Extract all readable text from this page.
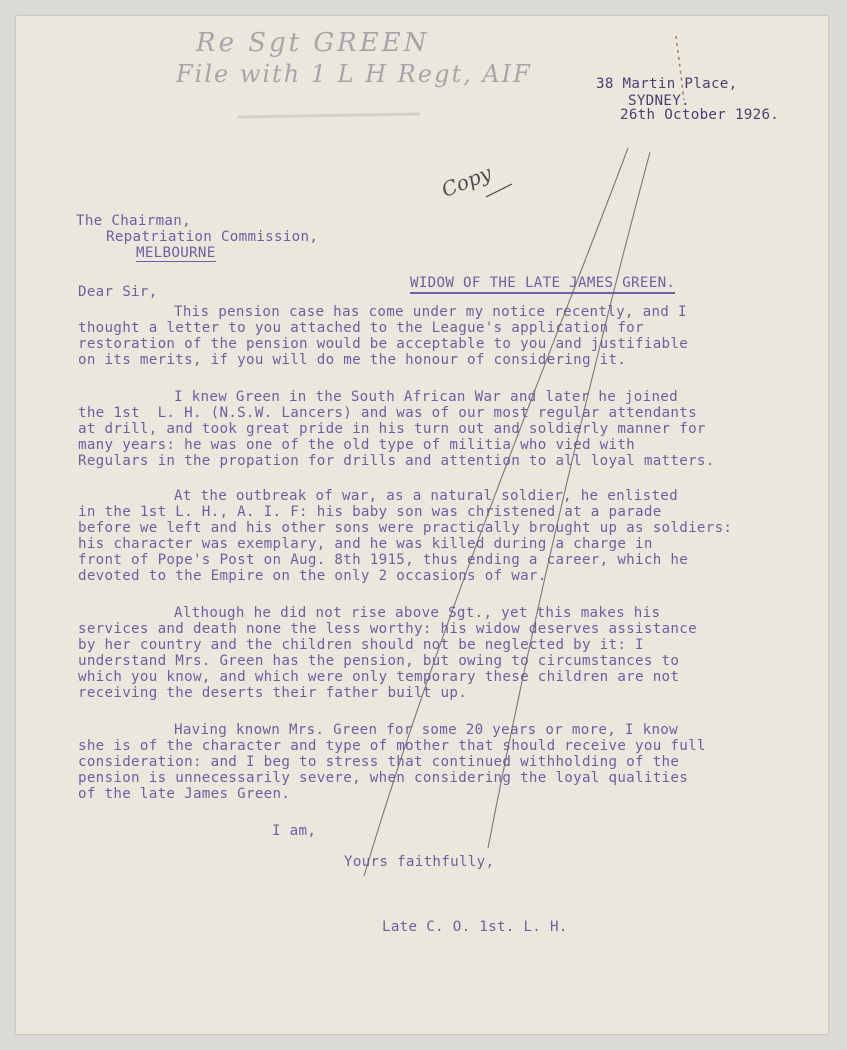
Re Sgt GREEN
File with 1 L H Regt, AIF
Copy
38 Martin Place,
SYDNEY.
26th October 1926.
The Chairman,
Repatriation Commission,
MELBOURNE
WIDOW OF THE LATE JAMES GREEN.
Dear Sir,
This pension case has come under my notice recently, and I
thought a letter to you attached to the League's application for
restoration of the pension would be acceptable to you and justifiable
on its merits, if you will do me the honour of considering it.
I knew Green in the South African War and later he joined
the 1st  L. H. (N.S.W. Lancers) and was of our most regular attendants
at drill, and took great pride in his turn out and soldierly manner for
many years: he was one of the old type of militia who vied with
Regulars in the propation for drills and attention to all loyal matters.
At the outbreak of war, as a natural soldier, he enlisted
in the 1st L. H., A. I. F: his baby son was christened at a parade
before we left and his other sons were practically brought up as soldiers:
his character was exemplary, and he was killed during a charge in
front of Pope's Post on Aug. 8th 1915, thus ending a career, which he
devoted to the Empire on the only 2 occasions of war.
Although he did not rise above Sgt., yet this makes his
services and death none the less worthy: his widow deserves assistance
by her country and the children should not be neglected by it: I
understand Mrs. Green has the pension, but owing to circumstances to
which you know, and which were only temporary these children are not
receiving the deserts their father built up.
Having known Mrs. Green for some 20 years or more, I know
she is of the character and type of mother that should receive you full
consideration: and I beg to stress that continued withholding of the
pension is unnecessarily severe, when considering the loyal qualities
of the late James Green.
I am,
Yours faithfully,
Late C. O. 1st. L. H.
